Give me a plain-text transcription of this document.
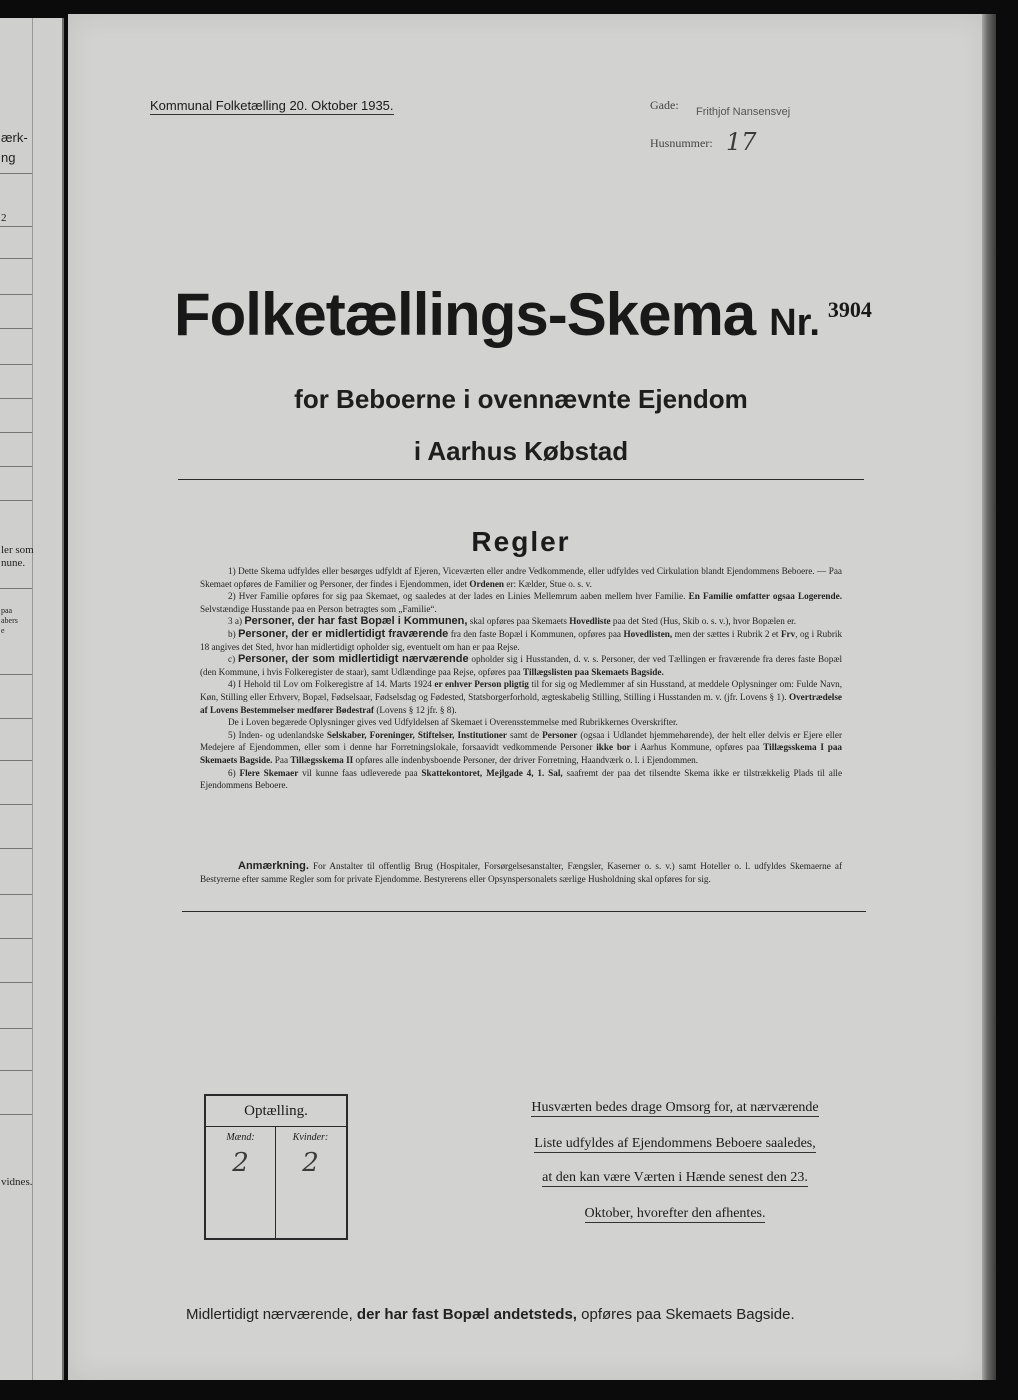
ærk-
ng
2
ler som
nune.
paa
abers
e
vidnes.
Kommunal Folketælling 20. Oktober 1935.	Gade: Frithjof Nansensvej
Husnummer: 17
Folketællings-Skema Nr. $^{3904}$
for Beboerne i ovennævnte Ejendom
i Aarhus Købstad
Regler

1) Dette Skema udfyldes eller besørges udfyldt af Ejeren, Viceværten eller andre Vedkommende, eller udfyldes ved Cirkulation blandt Ejendommens Beboere. — Paa Skemaet opføres de Familier og Personer, der findes i Ejendommen, idet Ordenen er: Kælder, Stue o. s. v.

2) Hver Familie opføres for sig paa Skemaet, og saaledes at der lades en Linies Mellemrum aaben mellem hver Familie. En Familie omfatter ogsaa Logerende. Selvstændige Husstande paa en Person betragtes som „Familie“.

3 a) Personer, der har fast Bopæl i Kommunen, skal opføres paa Skemaets Hovedliste paa det Sted (Hus, Skib o. s. v.), hvor Bopælen er.

b) Personer, der er midlertidigt fraværende fra den faste Bopæl i Kommunen, opføres paa Hovedlisten, men der sættes i Rubrik 2 et Frv, og i Rubrik 18 angives det Sted, hvor han midlertidigt opholder sig, eventuelt om han er paa Rejse.

c) Personer, der som midlertidigt nærværende opholder sig i Husstanden, d. v. s. Personer, der ved Tællingen er fraværende fra deres faste Bopæl (den Kommune, i hvis Folkeregister de staar), samt Udlændinge paa Rejse, opføres paa Tillægslisten paa Skemaets Bagside.

4) I Hehold til Lov om Folkeregistre af 14. Marts 1924 er enhver Person pligtig til for sig og Medlemmer af sin Husstand, at meddele Oplysninger om: Fulde Navn, Køn, Stilling eller Erhverv, Bopæl, Fødselsaar, Fødselsdag og Fødested, Statsborgerforhold, ægteskabelig Stilling, Stilling i Husstanden m. v. (jfr. Lovens § 1). Overtrædelse af Lovens Bestemmelser medfører Bødestraf (Lovens § 12 jfr. § 8).

De i Loven begærede Oplysninger gives ved Udfyldelsen af Skemaet i Overensstemmelse med Rubrikkernes Overskrifter.

5) Inden- og udenlandske Selskaber, Foreninger, Stiftelser, Institutioner samt de Personer (ogsaa i Udlandet hjemmehørende), der helt eller delvis er Ejere eller Medejere af Ejendommen, eller som i denne har Forretningslokale, forsaavidt vedkommende Personer ikke bor i Aarhus Kommune, opføres paa Tillægsskema I paa Skemaets Bagside. Paa Tillægsskema II opføres alle indenbysboende Personer, der driver Forretning, Haandværk o. l. i Ejendommen.

6) Flere Skemaer vil kunne faas udleverede paa Skattekontoret, Mejlgade 4, 1. Sal, saafremt der paa det tilsendte Skema ikke er tilstrækkelig Plads til alle Ejendommens Beboere.

Anmærkning. For Anstalter til offentlig Brug (Hospitaler, Forsørgelsesanstalter, Fængsler, Kaserner o. s. v.) samt Hoteller o. l. udfyldes Skemaerne af Bestyrerne efter samme Regler som for private Ejendomme. Bestyrerens eller Opsynspersonalets særlige Husholdning skal opføres for sig.

Optælling.
Mænd:	Kvinder:
2	2
Husværten bedes drage Omsorg for, at nærværende
Liste udfyldes af Ejendommens Beboere saaledes,
at den kan være Værten i Hænde senest den 23.
Oktober, hvorefter den afhentes.
Midlertidigt nærværende, der har fast Bopæl andetsteds, opføres paa Skemaets Bagside.
